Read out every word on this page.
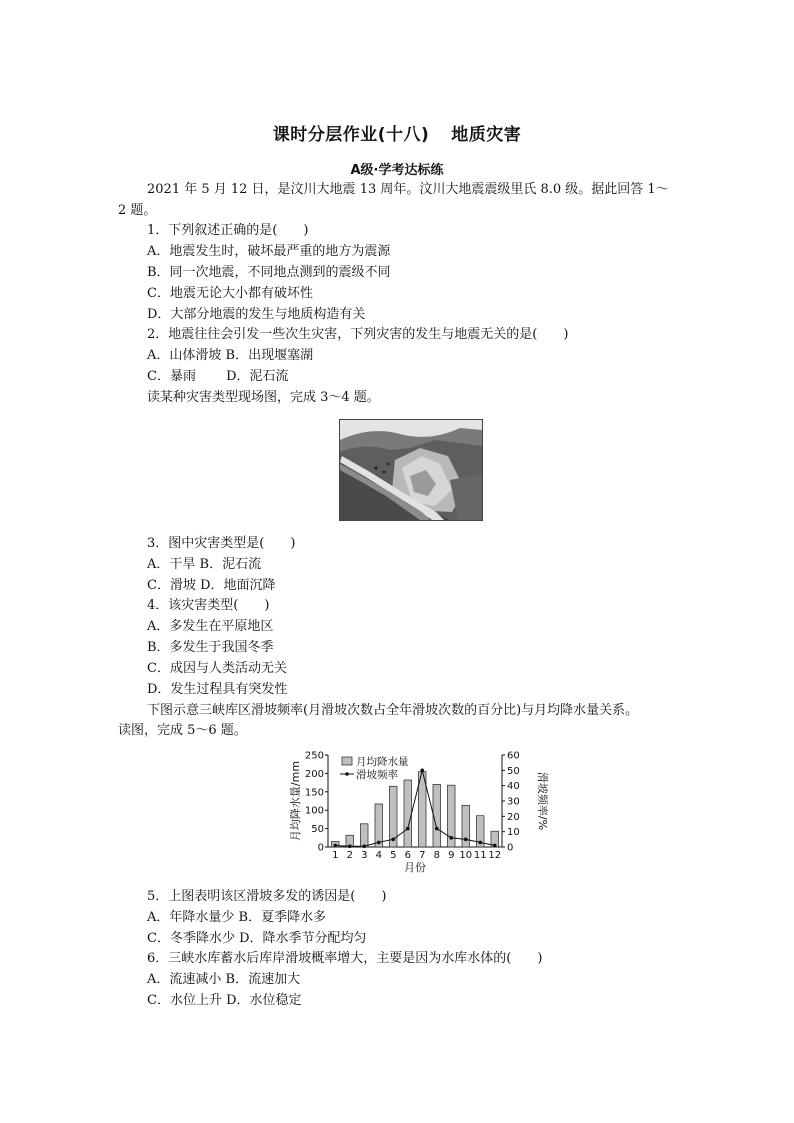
课时分层作业(十八) 地质灾害
A级·学考达标练
2021 年 5 月 12 日，是汶川大地震 13 周年。汶川大地震震级里氏 8.0 级。据此回答 1～
2 题。
1．下列叙述正确的是(　　)
A．地震发生时，破坏最严重的地方为震源
B．同一次地震，不同地点测到的震级不同
C．地震无论大小都有破坏性
D．大部分地震的发生与地质构造有关
2．地震往往会引发一些次生灾害，下列灾害的发生与地震无关的是(　　)
A．山体滑坡 B．出现堰塞湖
C．暴雨　　 D．泥石流
读某种灾害类型现场图，完成 3～4 题。
3．图中灾害类型是(　　)
A．干旱 B．泥石流
C．滑坡 D．地面沉降
4．该灾害类型(　　)
A．多发生在平原地区
B．多发生于我国冬季
C．成因与人类活动无关
D．发生过程具有突发性
下图示意三峡库区滑坡频率(月滑坡次数占全年滑坡次数的百分比)与月均降水量关系。
读图，完成 5～6 题。
0
50
100
150
200
250
0
10
20
30
40
50
60
1 2 3 4 5 6 7 8 9 10 11 12
月份
月均降水量/mm	滑坡频率/%
月均降水量
滑坡频率
5．上图表明该区滑坡多发的诱因是(　　)
A．年降水量少 B．夏季降水多
C．冬季降水少 D．降水季节分配均匀
6．三峡水库蓄水后库岸滑坡概率增大，主要是因为水库水体的(　　)
A．流速减小 B．流速加大
C．水位上升 D．水位稳定
